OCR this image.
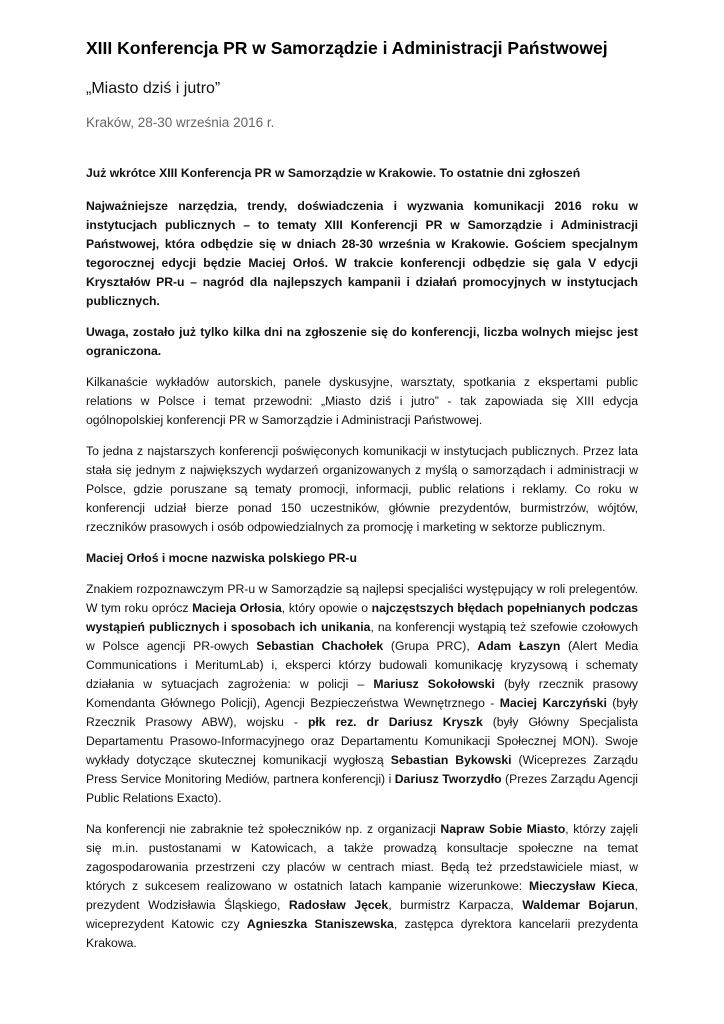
XIII Konferencja PR w Samorządzie i Administracji Państwowej
„Miasto dziś i jutro”
Kraków, 28-30 września 2016 r.

Już wkrótce XIII Konferencja PR w Samorządzie w Krakowie. To ostatnie dni zgłoszeń

Najważniejsze narzędzia, trendy, doświadczenia i wyzwania komunikacji 2016 roku w instytucjach publicznych – to tematy XIII Konferencji PR w Samorządzie i Administracji Państwowej, która odbędzie się w dniach 28-30 września w Krakowie. Gościem specjalnym tegorocznej edycji będzie Maciej Orłoś. W trakcie konferencji odbędzie się gala V edycji Kryształów PR-u – nagród dla najlepszych kampanii i działań promocyjnych w instytucjach publicznych.

Uwaga, zostało już tylko kilka dni na zgłoszenie się do konferencji, liczba wolnych miejsc jest ograniczona.

Kilkanaście wykładów autorskich, panele dyskusyjne, warsztaty, spotkania z ekspertami public relations w Polsce i temat przewodni: „Miasto dziś i jutro” - tak zapowiada się XIII edycja ogólnopolskiej konferencji PR w Samorządzie i Administracji Państwowej.

To jedna z najstarszych konferencji poświęconych komunikacji w instytucjach publicznych. Przez lata stała się jednym z największych wydarzeń organizowanych z myślą o samorządach i administracji w Polsce, gdzie poruszane są tematy promocji, informacji, public relations i reklamy. Co roku w konferencji udział bierze ponad 150 uczestników, głównie prezydentów, burmistrzów, wójtów, rzeczników prasowych i osób odpowiedzialnych za promocję i marketing w sektorze publicznym.

Maciej Orłoś i mocne nazwiska polskiego PR-u

Znakiem rozpoznawczym PR-u w Samorządzie są najlepsi specjaliści występujący w roli prelegentów. W tym roku oprócz Macieja Orłosia, który opowie o najczęstszych błędach popełnianych podczas wystąpień publicznych i sposobach ich unikania, na konferencji wystąpią też szefowie czołowych w Polsce agencji PR-owych Sebastian Chachołek (Grupa PRC), Adam Łaszyn (Alert Media Communications i MeritumLab) i, eksperci którzy budowali komunikację kryzysową i schematy działania w sytuacjach zagrożenia: w policji – Mariusz Sokołowski (były rzecznik prasowy Komendanta Głównego Policji), Agencji Bezpieczeństwa Wewnętrznego - Maciej Karczyński (były Rzecznik Prasowy ABW), wojsku - płk rez. dr Dariusz Kryszk (były Główny Specjalista Departamentu Prasowo-Informacyjnego oraz Departamentu Komunikacji Społecznej MON). Swoje wykłady dotyczące skutecznej komunikacji wygłoszą Sebastian Bykowski (Wiceprezes Zarządu Press Service Monitoring Mediów, partnera konferencji) i Dariusz Tworzydło (Prezes Zarządu Agencji Public Relations Exacto).

Na konferencji nie zabraknie też społeczników np. z organizacji Napraw Sobie Miasto, którzy zajęli się m.in. pustostanami w Katowicach, a także prowadzą konsultacje społeczne na temat zagospodarowania przestrzeni czy placów w centrach miast. Będą też przedstawiciele miast, w których z sukcesem realizowano w ostatnich latach kampanie wizerunkowe: Mieczysław Kieca, prezydent Wodzisławia Śląskiego, Radosław Jęcek, burmistrz Karpacza, Waldemar Bojarun, wiceprezydent Katowic czy Agnieszka Staniszewska, zastępca dyrektora kancelarii prezydenta Krakowa.
